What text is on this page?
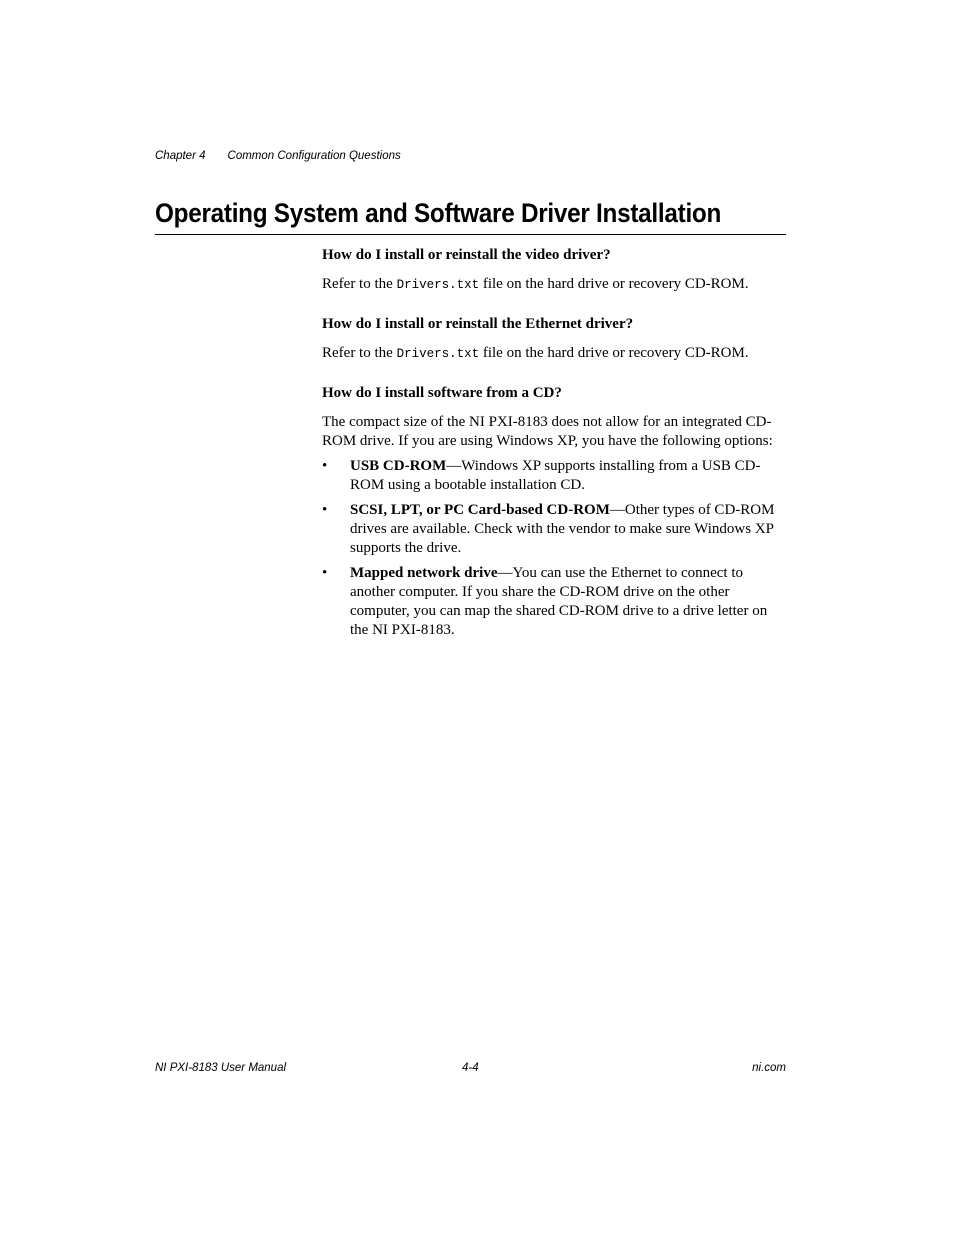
Chapter 4 Common Configuration Questions
Operating System and Software Driver Installation

How do I install or reinstall the video driver?

Refer to the Drivers.txt file on the hard drive or recovery CD-ROM.

How do I install or reinstall the Ethernet driver?

Refer to the Drivers.txt file on the hard drive or recovery CD-ROM.

How do I install software from a CD?

The compact size of the NI PXI-8183 does not allow for an integrated CD-ROM drive. If you are using Windows XP, you have the following options:

• USB CD-ROM—Windows XP supports installing from a USB CD-ROM using a bootable installation CD.
• SCSI, LPT, or PC Card-based CD-ROM—Other types of CD-ROM drives are available. Check with the vendor to make sure Windows XP supports the drive.
• Mapped network drive—You can use the Ethernet to connect to another computer. If you share the CD-ROM drive on the other computer, you can map the shared CD-ROM drive to a drive letter on the NI PXI-8183.
NI PXI-8183 User Manual	4-4	ni.com
